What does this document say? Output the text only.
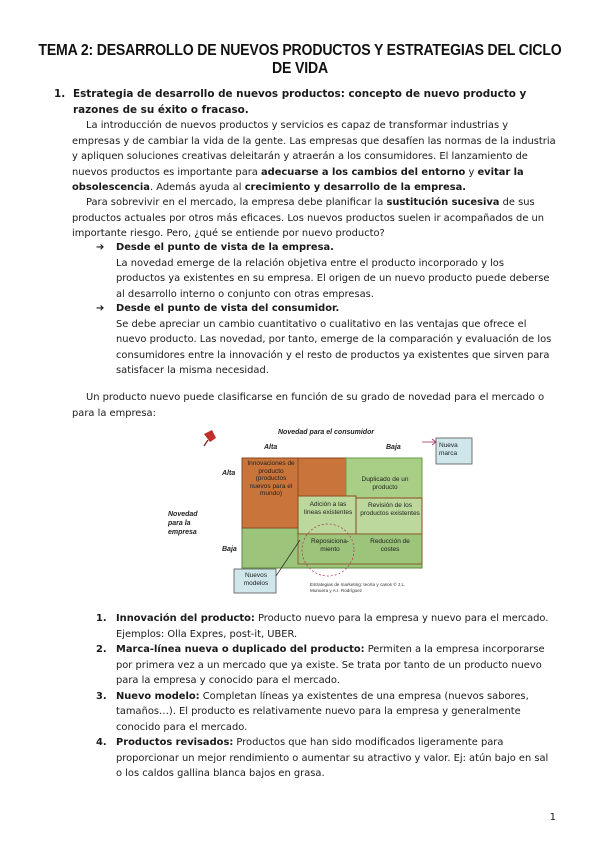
TEMA 2: DESARROLLO DE NUEVOS PRODUCTOS Y ESTRATEGIAS DEL CICLO DE VIDA
1. Estrategia de desarrollo de nuevos productos: concepto de nuevo producto y razones de su éxito o fracaso.
La introducción de nuevos productos y servicios es capaz de transformar industrias y empresas y de cambiar la vida de la gente. Las empresas que desafíen las normas de la industria y apliquen soluciones creativas deleitarán y atraerán a los consumidores. El lanzamiento de nuevos productos es importante para adecuarse a los cambios del entorno y evitar la obsolescencia. Además ayuda al crecimiento y desarrollo de la empresa.
Para sobrevivir en el mercado, la empresa debe planificar la sustitución sucesiva de sus productos actuales por otros más eficaces. Los nuevos productos suelen ir acompañados de un importante riesgo. Pero, ¿qué se entiende por nuevo producto?
➔	Desde el punto de vista de la empresa.
La novedad emerge de la relación objetiva entre el producto incorporado y los productos ya existentes en su empresa. El origen de un nuevo producto puede deberse al desarrollo interno o conjunto con otras empresas.
➔	Desde el punto de vista del consumidor.
Se debe apreciar un cambio cuantitativo o cualitativo en las ventajas que ofrece el nuevo producto. Las novedad, por tanto, emerge de la comparación y evaluación de los consumidores entre la innovación y el resto de productos ya existentes que sirven para satisfacer la misma necesidad.
Un producto nuevo puede clasificarse en función de su grado de novedad para el mercado o para la empresa:
Novedad para el consumidor
Alta	Baja
Novedad para la empresa
Alta
Baja
Innovaciones de producto (productos nuevos para el mundo)
Duplicado de un producto
Adición a las líneas existentes
Revisión de los productos existentes
Reposiciona-miento
Reducción de costes
Nueva marca
Nuevos modelos	Estrategias de marketing: teoría y casos © J.L. Munuera y A.I. Rodríguez
1. Innovación del producto: Producto nuevo para la empresa y nuevo para el mercado. Ejemplos: Olla Expres, post-it, UBER.
2. Marca-línea nueva o duplicado del producto: Permiten a la empresa incorporarse por primera vez a un mercado que ya existe. Se trata por tanto de un producto nuevo para la empresa y conocido para el mercado.
3. Nuevo modelo: Completan líneas ya existentes de una empresa (nuevos sabores, tamaños…). El producto es relativamente nuevo para la empresa y generalmente conocido para el mercado.
4. Productos revisados: Productos que han sido modificados ligeramente para proporcionar un mejor rendimiento o aumentar su atractivo y valor. Ej: atún bajo en sal o los caldos gallina blanca bajos en grasa.
1
